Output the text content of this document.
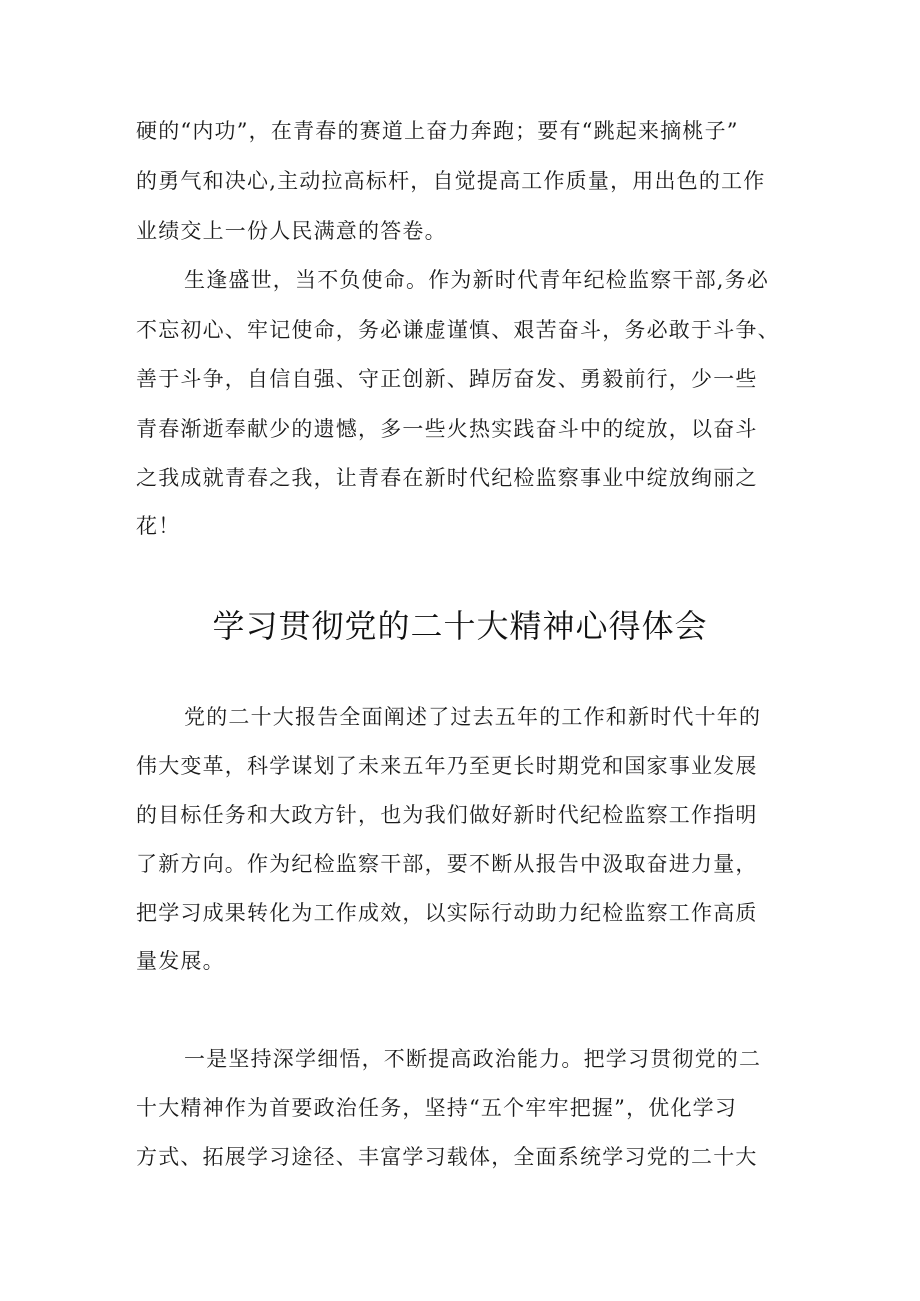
硬的“内功”，在青春的赛道上奋力奔跑；要有“跳起来摘桃子”
的勇气和决心,主动拉高标杆，自觉提高工作质量，用出色的工作
业绩交上一份人民满意的答卷。
生逢盛世，当不负使命。作为新时代青年纪检监察干部,务必
不忘初心、牢记使命，务必谦虚谨慎、艰苦奋斗，务必敢于斗争、
善于斗争，自信自强、守正创新、踔厉奋发、勇毅前行，少一些
青春渐逝奉献少的遗憾，多一些火热实践奋斗中的绽放，以奋斗
之我成就青春之我，让青春在新时代纪检监察事业中绽放绚丽之
花！
学习贯彻党的二十大精神心得体会
党的二十大报告全面阐述了过去五年的工作和新时代十年的
伟大变革，科学谋划了未来五年乃至更长时期党和国家事业发展
的目标任务和大政方针，也为我们做好新时代纪检监察工作指明
了新方向。作为纪检监察干部，要不断从报告中汲取奋进力量，
把学习成果转化为工作成效，以实际行动助力纪检监察工作高质
量发展。
一是坚持深学细悟，不断提高政治能力。把学习贯彻党的二
十大精神作为首要政治任务，坚持“五个牢牢把握”，优化学习
方式、拓展学习途径、丰富学习载体，全面系统学习党的二十大
